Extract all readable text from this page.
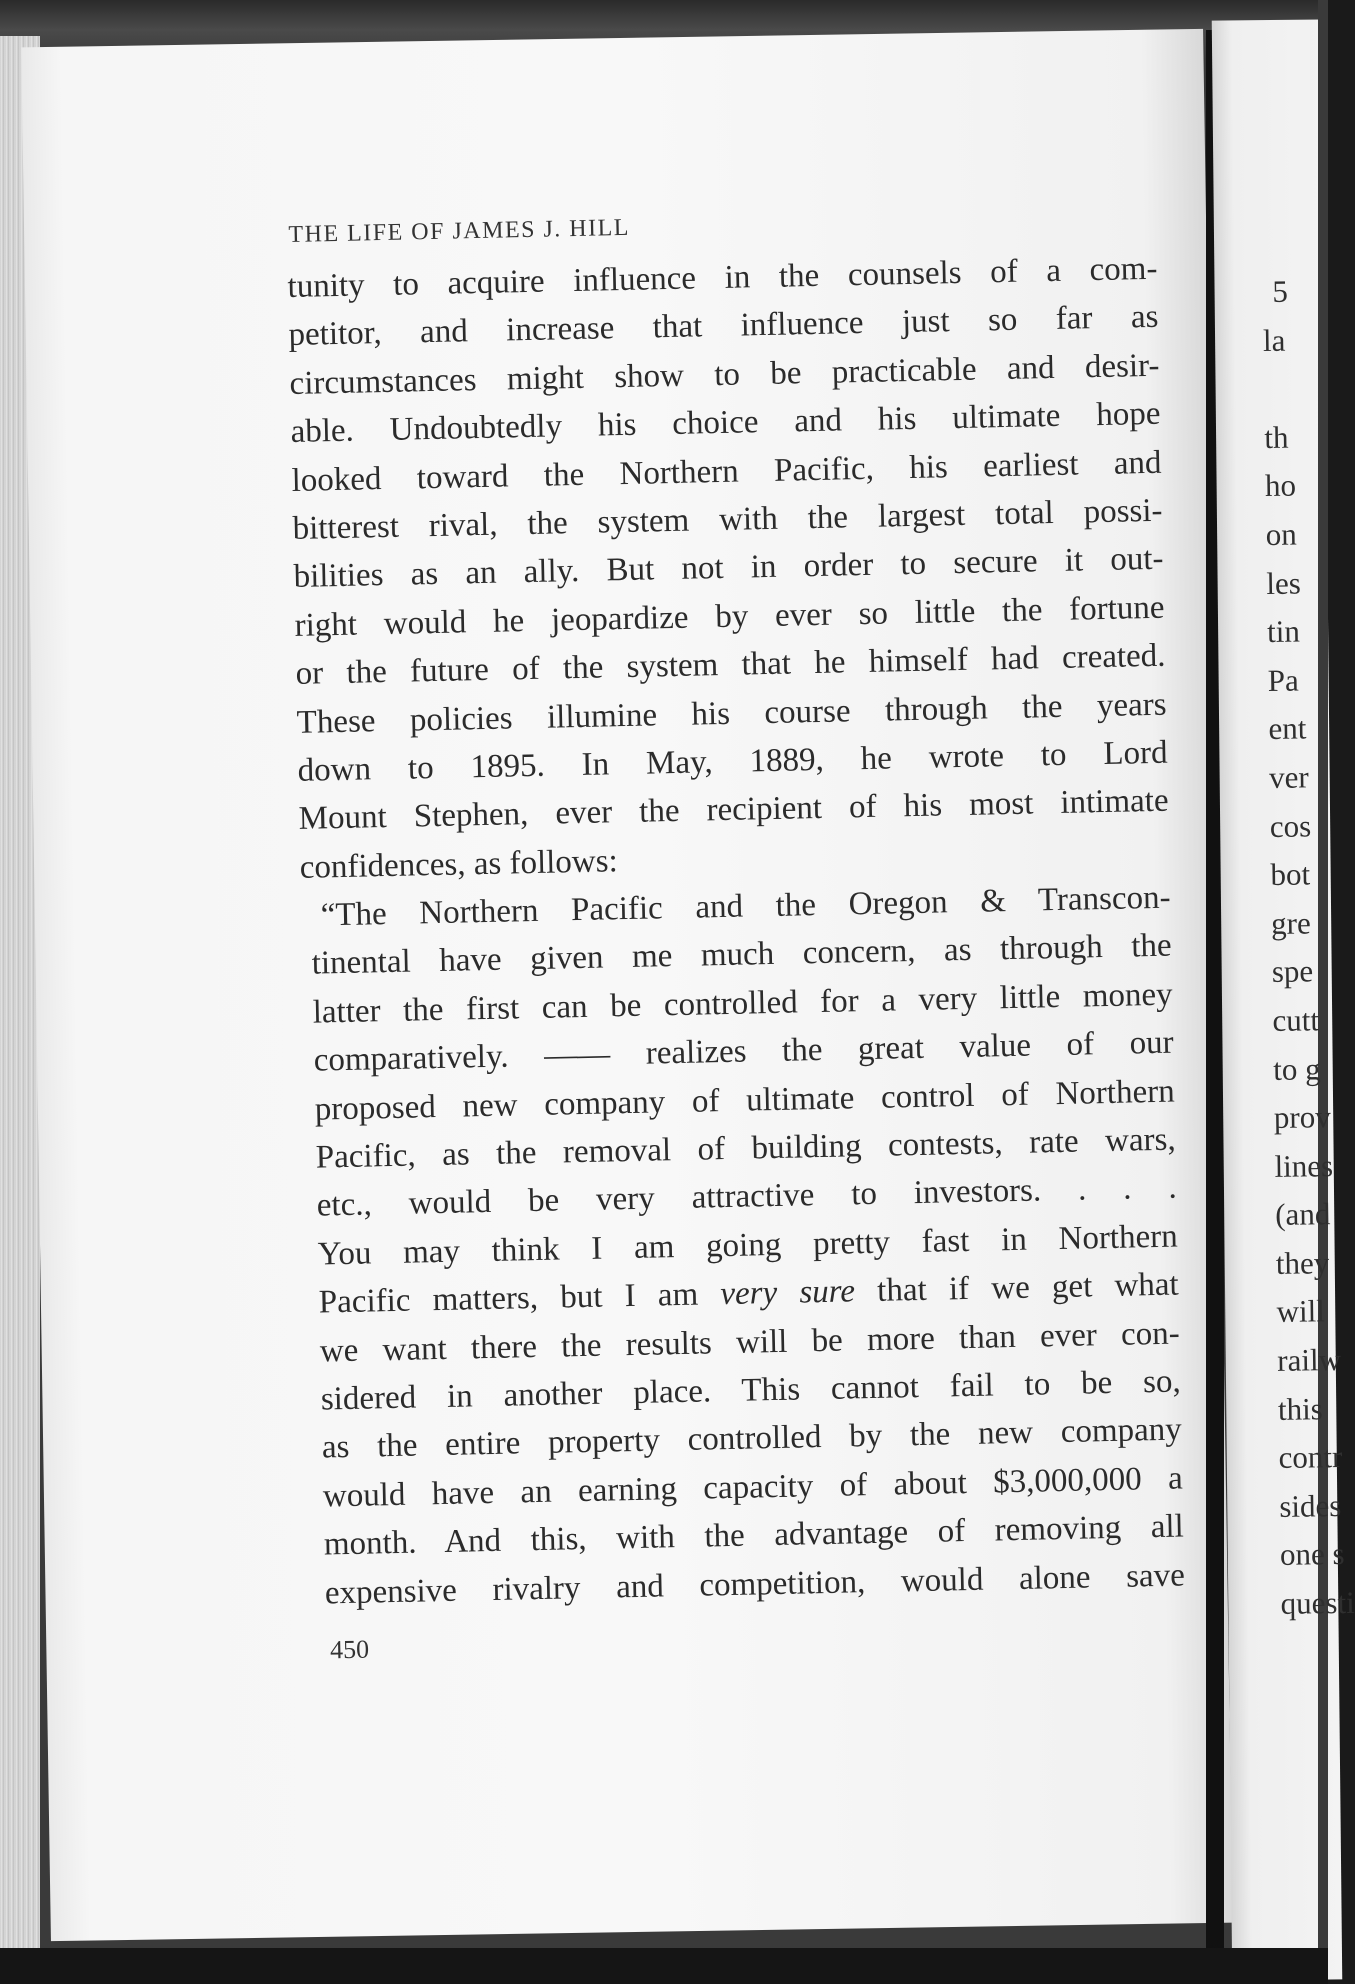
THE LIFE OF JAMES J. HILL
tunity to acquire influence in the counsels of a com-
petitor, and increase that influence just so far as
circumstances might show to be practicable and desir-
able. Undoubtedly his choice and his ultimate hope
looked toward the Northern Pacific, his earliest and
bitterest rival, the system with the largest total possi-
bilities as an ally. But not in order to secure it out-
right would he jeopardize by ever so little the fortune
or the future of the system that he himself had created.
These policies illumine his course through the years
down to 1895. In May, 1889, he wrote to Lord
Mount Stephen, ever the recipient of his most intimate
confidences, as follows:
“The Northern Pacific and the Oregon & Transcon-
tinental have given me much concern, as through the
latter the first can be controlled for a very little money
comparatively. —— realizes the great value of our
proposed new company of ultimate control of Northern
Pacific, as the removal of building contests, rate wars,
etc., would be very attractive to investors. . . .
You may think I am going pretty fast in Northern
Pacific matters, but I am very sure that if we get what
we want there the results will be more than ever con-
sidered in another place. This cannot fail to be so,
as the entire property controlled by the new company
would have an earning capacity of about $3,000,000 a
month. And this, with the advantage of removing all
expensive rivalry and competition, would alone save
450
5
la
th
ho
on
les
tin
Pa
ent
ver
cos
bot
gre
spe
cutt
to g
prov
lines
(and
they
will
railw
this
contr
sides
one s
questi
